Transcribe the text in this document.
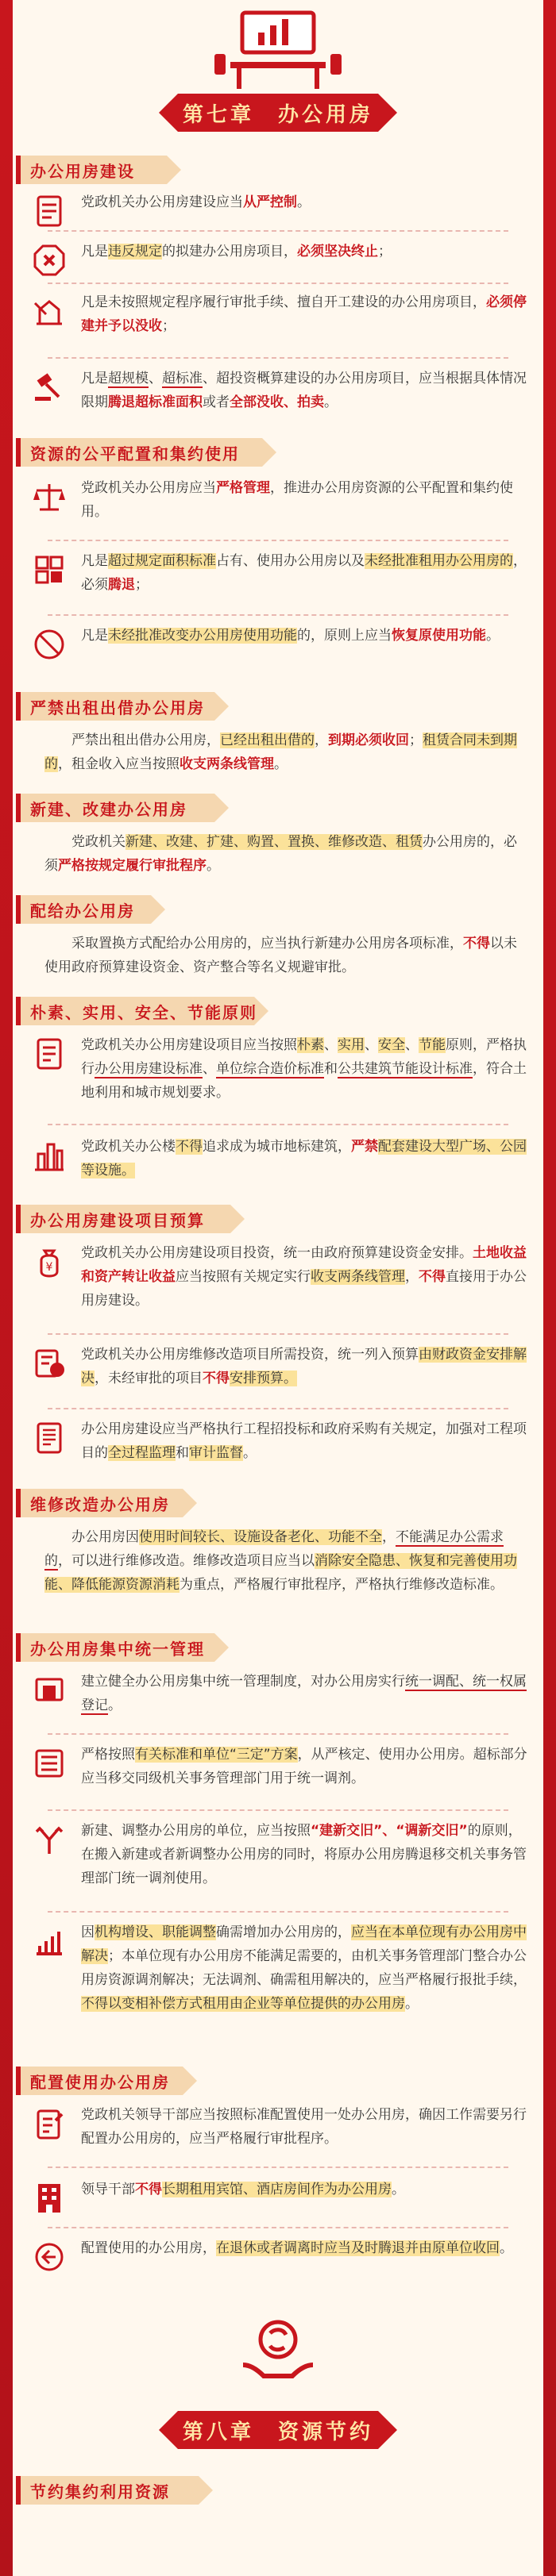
第七章　办公用房
办公用房建设
党政机关办公用房建设应当从严控制。
凡是违反规定的拟建办公用房项目，必须坚决终止；
凡是未按照规定程序履行审批手续、擅自开工建设的办公用房项目，必须停建并予以没收；
凡是超规模、超标准、超投资概算建设的办公用房项目，应当根据具体情况限期腾退超标准面积或者全部没收、拍卖。
资源的公平配置和集约使用
党政机关办公用房应当严格管理，推进办公用房资源的公平配置和集约使用。
凡是超过规定面积标准占有、使用办公用房以及未经批准租用办公用房的，必须腾退；
凡是未经批准改变办公用房使用功能的，原则上应当恢复原使用功能。
严禁出租出借办公用房
严禁出租出借办公用房，已经出租出借的，到期必须收回；租赁合同未到期的，租金收入应当按照收支两条线管理。
新建、改建办公用房
党政机关新建、改建、扩建、购置、置换、维修改造、租赁办公用房的，必须严格按规定履行审批程序。
配给办公用房
采取置换方式配给办公用房的，应当执行新建办公用房各项标准，不得以未使用政府预算建设资金、资产整合等名义规避审批。
朴素、实用、安全、节能原则
党政机关办公用房建设项目应当按照朴素、实用、安全、节能原则，严格执行办公用房建设标准、单位综合造价标准和公共建筑节能设计标准，符合土地利用和城市规划要求。
党政机关办公楼不得追求成为城市地标建筑，严禁配套建设大型广场、公园等设施。
办公用房建设项目预算
¥
党政机关办公用房建设项目投资，统一由政府预算建设资金安排。土地收益和资产转让收益应当按照有关规定实行收支两条线管理，不得直接用于办公用房建设。
党政机关办公用房维修改造项目所需投资，统一列入预算由财政资金安排解决，未经审批的项目不得安排预算。
办公用房建设应当严格执行工程招投标和政府采购有关规定，加强对工程项目的全过程监理和审计监督。
维修改造办公用房
办公用房因使用时间较长、设施设备老化、功能不全，不能满足办公需求的，可以进行维修改造。维修改造项目应当以消除安全隐患、恢复和完善使用功能、降低能源资源消耗为重点，严格履行审批程序，严格执行维修改造标准。
办公用房集中统一管理
建立健全办公用房集中统一管理制度，对办公用房实行统一调配、统一权属登记。
严格按照有关标准和单位“三定”方案，从严核定、使用办公用房。超标部分应当移交同级机关事务管理部门用于统一调剂。
新建、调整办公用房的单位，应当按照“建新交旧”、“调新交旧”的原则，在搬入新建或者新调整办公用房的同时，将原办公用房腾退移交机关事务管理部门统一调剂使用。
因机构增设、职能调整确需增加办公用房的，应当在本单位现有办公用房中解决；本单位现有办公用房不能满足需要的，由机关事务管理部门整合办公用房资源调剂解决；无法调剂、确需租用解决的，应当严格履行报批手续，不得以变相补偿方式租用由企业等单位提供的办公用房。
配置使用办公用房
党政机关领导干部应当按照标准配置使用一处办公用房，确因工作需要另行配置办公用房的，应当严格履行审批程序。
领导干部不得长期租用宾馆、酒店房间作为办公用房。
配置使用的办公用房，在退休或者调离时应当及时腾退并由原单位收回。
第八章　资源节约
节约集约利用资源
